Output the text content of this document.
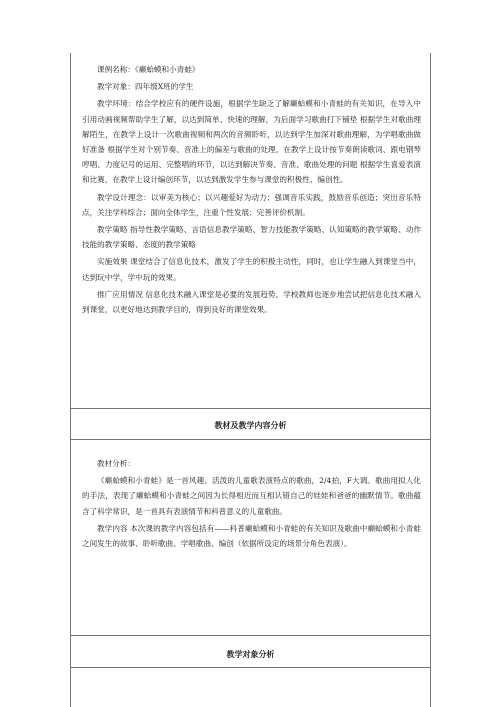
课例名称：《癞蛤蟆和小青蛙》

教学对象：四年级X班的学生

教学环境：结合学校应有的硬件设施，根据学生缺乏了解癞蛤蟆和小青蛙的有关知识，在导入中引用动画视频帮助学生了解，以达到简单、快速的理解，为后面学习歌曲打下铺垫 根据学生对歌曲理解陌生，在教学上设计一次歌曲视频和两次的音频聆听，以达到学生加深对歌曲理解，为学唱歌曲做好准备 根据学生对个别节奏、音准上的偏差与歌曲的处理，在教学上设计按节奏朗读歌词、跟电钢琴哼唱、力度记号的运用、完整唱的环节，以达到解决节奏、音准、歌曲处理的问题 根据学生喜爱表演和比赛，在教学上设计编创环节，以达到激发学生参与课堂的积极性、编创性。

教学设计理念：以审美为核心；以兴趣爱好为动力；强调音乐实践，鼓励音乐创造；突出音乐特点，关注学科综合；面向全体学生，注重个性发展；完善评价机制。

教学策略 指导性教学策略、言语信息教学策略、智力技能教学策略、认知策略的教学策略、动作技能的教学策略、态度的教学策略

实施效果 课堂结合了信息化技术，激发了学生的积极主动性，同时，也让学生融入到课堂当中，达到玩中学，学中玩的效果。

推广应用情况 信息化技术融入课堂是必要的发展趋势，学校教师也逐步地尝试把信息化技术融入到课堂，以更好地达到教学目的，得到良好的课堂效果。

教材及教学内容分析

教材分析：

《癞蛤蟆和小青蛙》是一首风趣、活泼的儿童歌表演特点的歌曲，2/4拍，F大调。歌曲用拟人化的手法，表现了癞蛤蟆和小青蛙之间因为长得相近而互相认错自己的娃娃和爸爸的幽默情节。歌曲蕴含了科学常识，是一首具有表演情节和科普意义的儿童歌曲。

教学内容 本次课的教学内容包括有——科普癞蛤蟆和小青蛙的有关知识及歌曲中癞蛤蟆和小青蛙之间发生的故事、聆听歌曲、学唱歌曲、编创（依据所设定的场景分角色表演）。

教学对象分析
